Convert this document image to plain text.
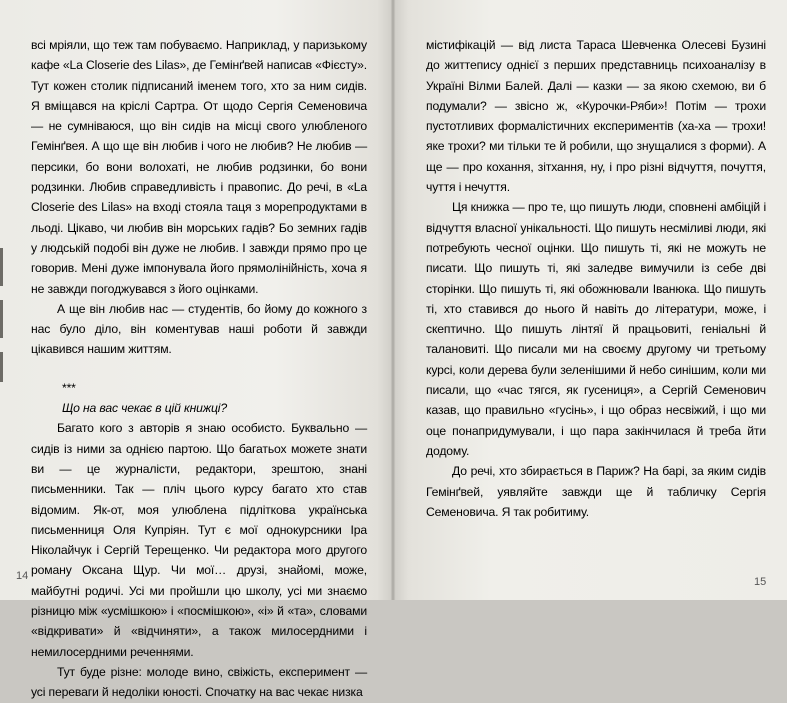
всі мріяли, що теж там побуваємо. Наприклад, у паризькому кафе «La Closerie des Lilas», де Гемінґвей написав «Фієсту». Тут кожен столик підписаний іменем того, хто за ним сидів. Я вміщався на кріслі Сартра. От щодо Сергія Семеновича — не сумніваюся, що він сидів на місці свого улюбленого Гемінґвея. А що ще він любив і чого не любив? Не любив — персики, бо вони волохаті, не любив родзинки, бо вони родзинки. Любив справедливість і правопис. До речі, в «La Closerie des Lilas» на вході стояла таця з морепродуктами в льоді. Цікаво, чи любив він морських гадів? Бо земних гадів у людській подобі він дуже не любив. І завжди прямо про це говорив. Мені дуже імпонувала його прямолінійність, хоча я не завжди погоджувався з його оцінками.

А ще він любив нас — студентів, бо йому до кожного з нас було діло, він коментував наші роботи й завжди цікавився нашим життям.

***

Що на вас чекає в цій книжці?

Багато кого з авторів я знаю особисто. Буквально — сидів із ними за однією партою. Що багатьох можете знати ви — це журналісти, редактори, зрештою, знані письменники. Так — пліч цього курсу багато хто став відомим. Як-от, моя улюблена підліткова українська письменниця Оля Купріян. Тут є мої однокурсники Іра Ніколайчук і Сергій Терещенко. Чи редактора мого другого роману Оксана Щур. Чи мої… друзі, знайомі, може, майбутні родичі. Усі ми пройшли цю школу, усі ми знаємо різницю між «усмішкою» і «посмішкою», «і» й «та», словами «відкривати» й «відчиняти», а також милосердними і немилосердними реченнями.

Тут буде різне: молоде вино, свіжість, експеримент — усі переваги й недоліки юності. Спочатку на вас чекає низка

містифікацій — від листа Тараса Шевченка Олесеві Бузині до життепису однієї з перших представниць психоаналізу в Україні Вілми Балей. Далі — казки — за якою схемою, ви б подумали? — звісно ж, «Курочки-Ряби»! Потім — трохи пустотливих формалістичних експериментів (ха-ха — трохи! яке трохи? ми тільки те й робили, що знущалися з форми). А ще — про кохання, зітхання, ну, і про різні відчуття, почуття, чуття і нечуття.

Ця книжка — про те, що пишуть люди, сповнені амбіцій і відчуття власної унікальності. Що пишуть несміливі люди, які потребують чесної оцінки. Що пишуть ті, які не можуть не писати. Що пишуть ті, які заледве вимучили із себе дві сторінки. Що пишуть ті, які обожнювали Іванюка. Що пишуть ті, хто ставився до нього й навіть до літератури, може, і скептично. Що пишуть лінтяї й працьовиті, геніальні й талановиті. Що писали ми на своєму другому чи третьому курсі, коли дерева були зеленішими й небо синішим, коли ми писали, що «час тягся, як гусениця», а Сергій Семенович казав, що правильно «гусінь», і що образ несвіжий, і що ми оце понапридумували, і що пара закінчилася й треба йти додому.

До речі, хто збирається в Париж? На барі, за яким сидів Гемінґвей, уявляйте завжди ще й табличку Сергія Семеновича. Я так робитиму.

14	15
